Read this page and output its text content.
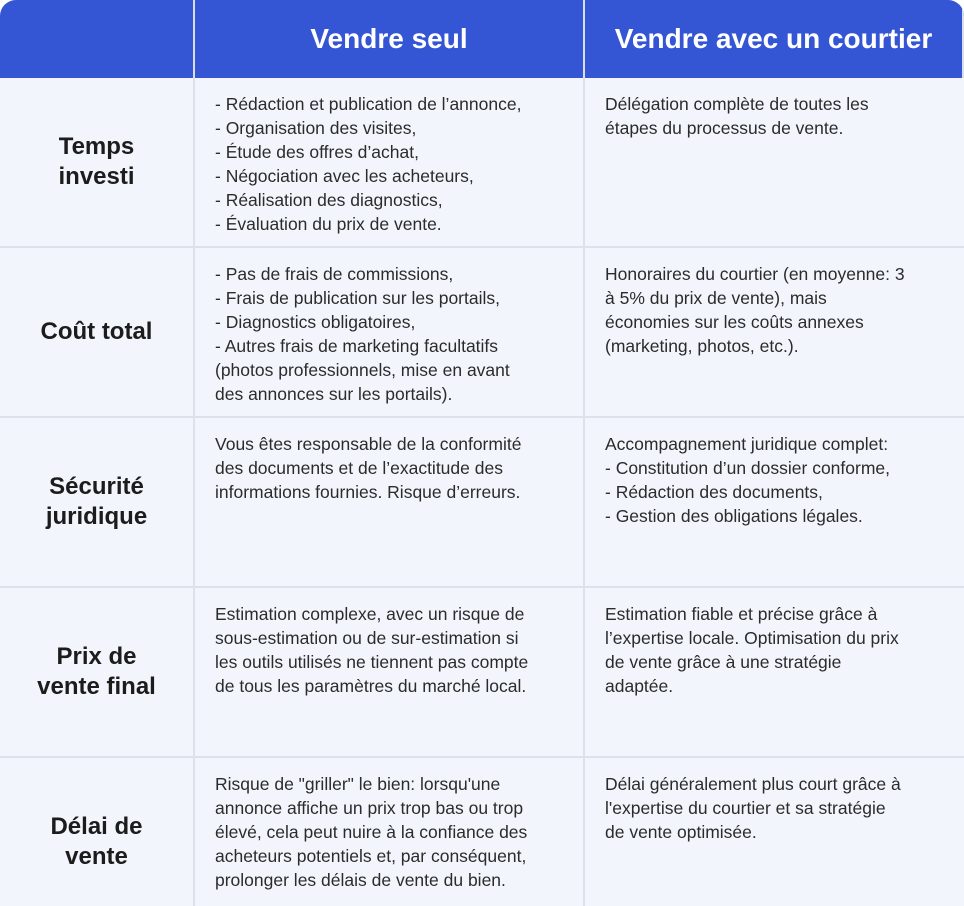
Vendre seul	Vendre avec un courtier
Temps
investi
- Rédaction et publication de l’annonce,
- Organisation des visites,
- Étude des offres d’achat,
- Négociation avec les acheteurs,
- Réalisation des diagnostics,
- Évaluation du prix de vente.
Délégation complète de toutes les
étapes du processus de vente.
Coût total
- Pas de frais de commissions,
- Frais de publication sur les portails,
- Diagnostics obligatoires,
- Autres frais de marketing facultatifs
(photos professionnels, mise en avant
des annonces sur les portails).
Honoraires du courtier (en moyenne: 3
à 5% du prix de vente), mais
économies sur les coûts annexes
(marketing, photos, etc.).
Sécurité
juridique
Vous êtes responsable de la conformité
des documents et de l’exactitude des
informations fournies. Risque d’erreurs.
Accompagnement juridique complet:
- Constitution d’un dossier conforme,
- Rédaction des documents,
- Gestion des obligations légales.
Prix de
vente final
Estimation complexe, avec un risque de
sous-estimation ou de sur-estimation si
les outils utilisés ne tiennent pas compte
de tous les paramètres du marché local.
Estimation fiable et précise grâce à
l’expertise locale. Optimisation du prix
de vente grâce à une stratégie
adaptée.
Délai de
vente
Risque de "griller" le bien: lorsqu'une
annonce affiche un prix trop bas ou trop
élevé, cela peut nuire à la confiance des
acheteurs potentiels et, par conséquent,
prolonger les délais de vente du bien.
Délai généralement plus court grâce à
l'expertise du courtier et sa stratégie
de vente optimisée.
